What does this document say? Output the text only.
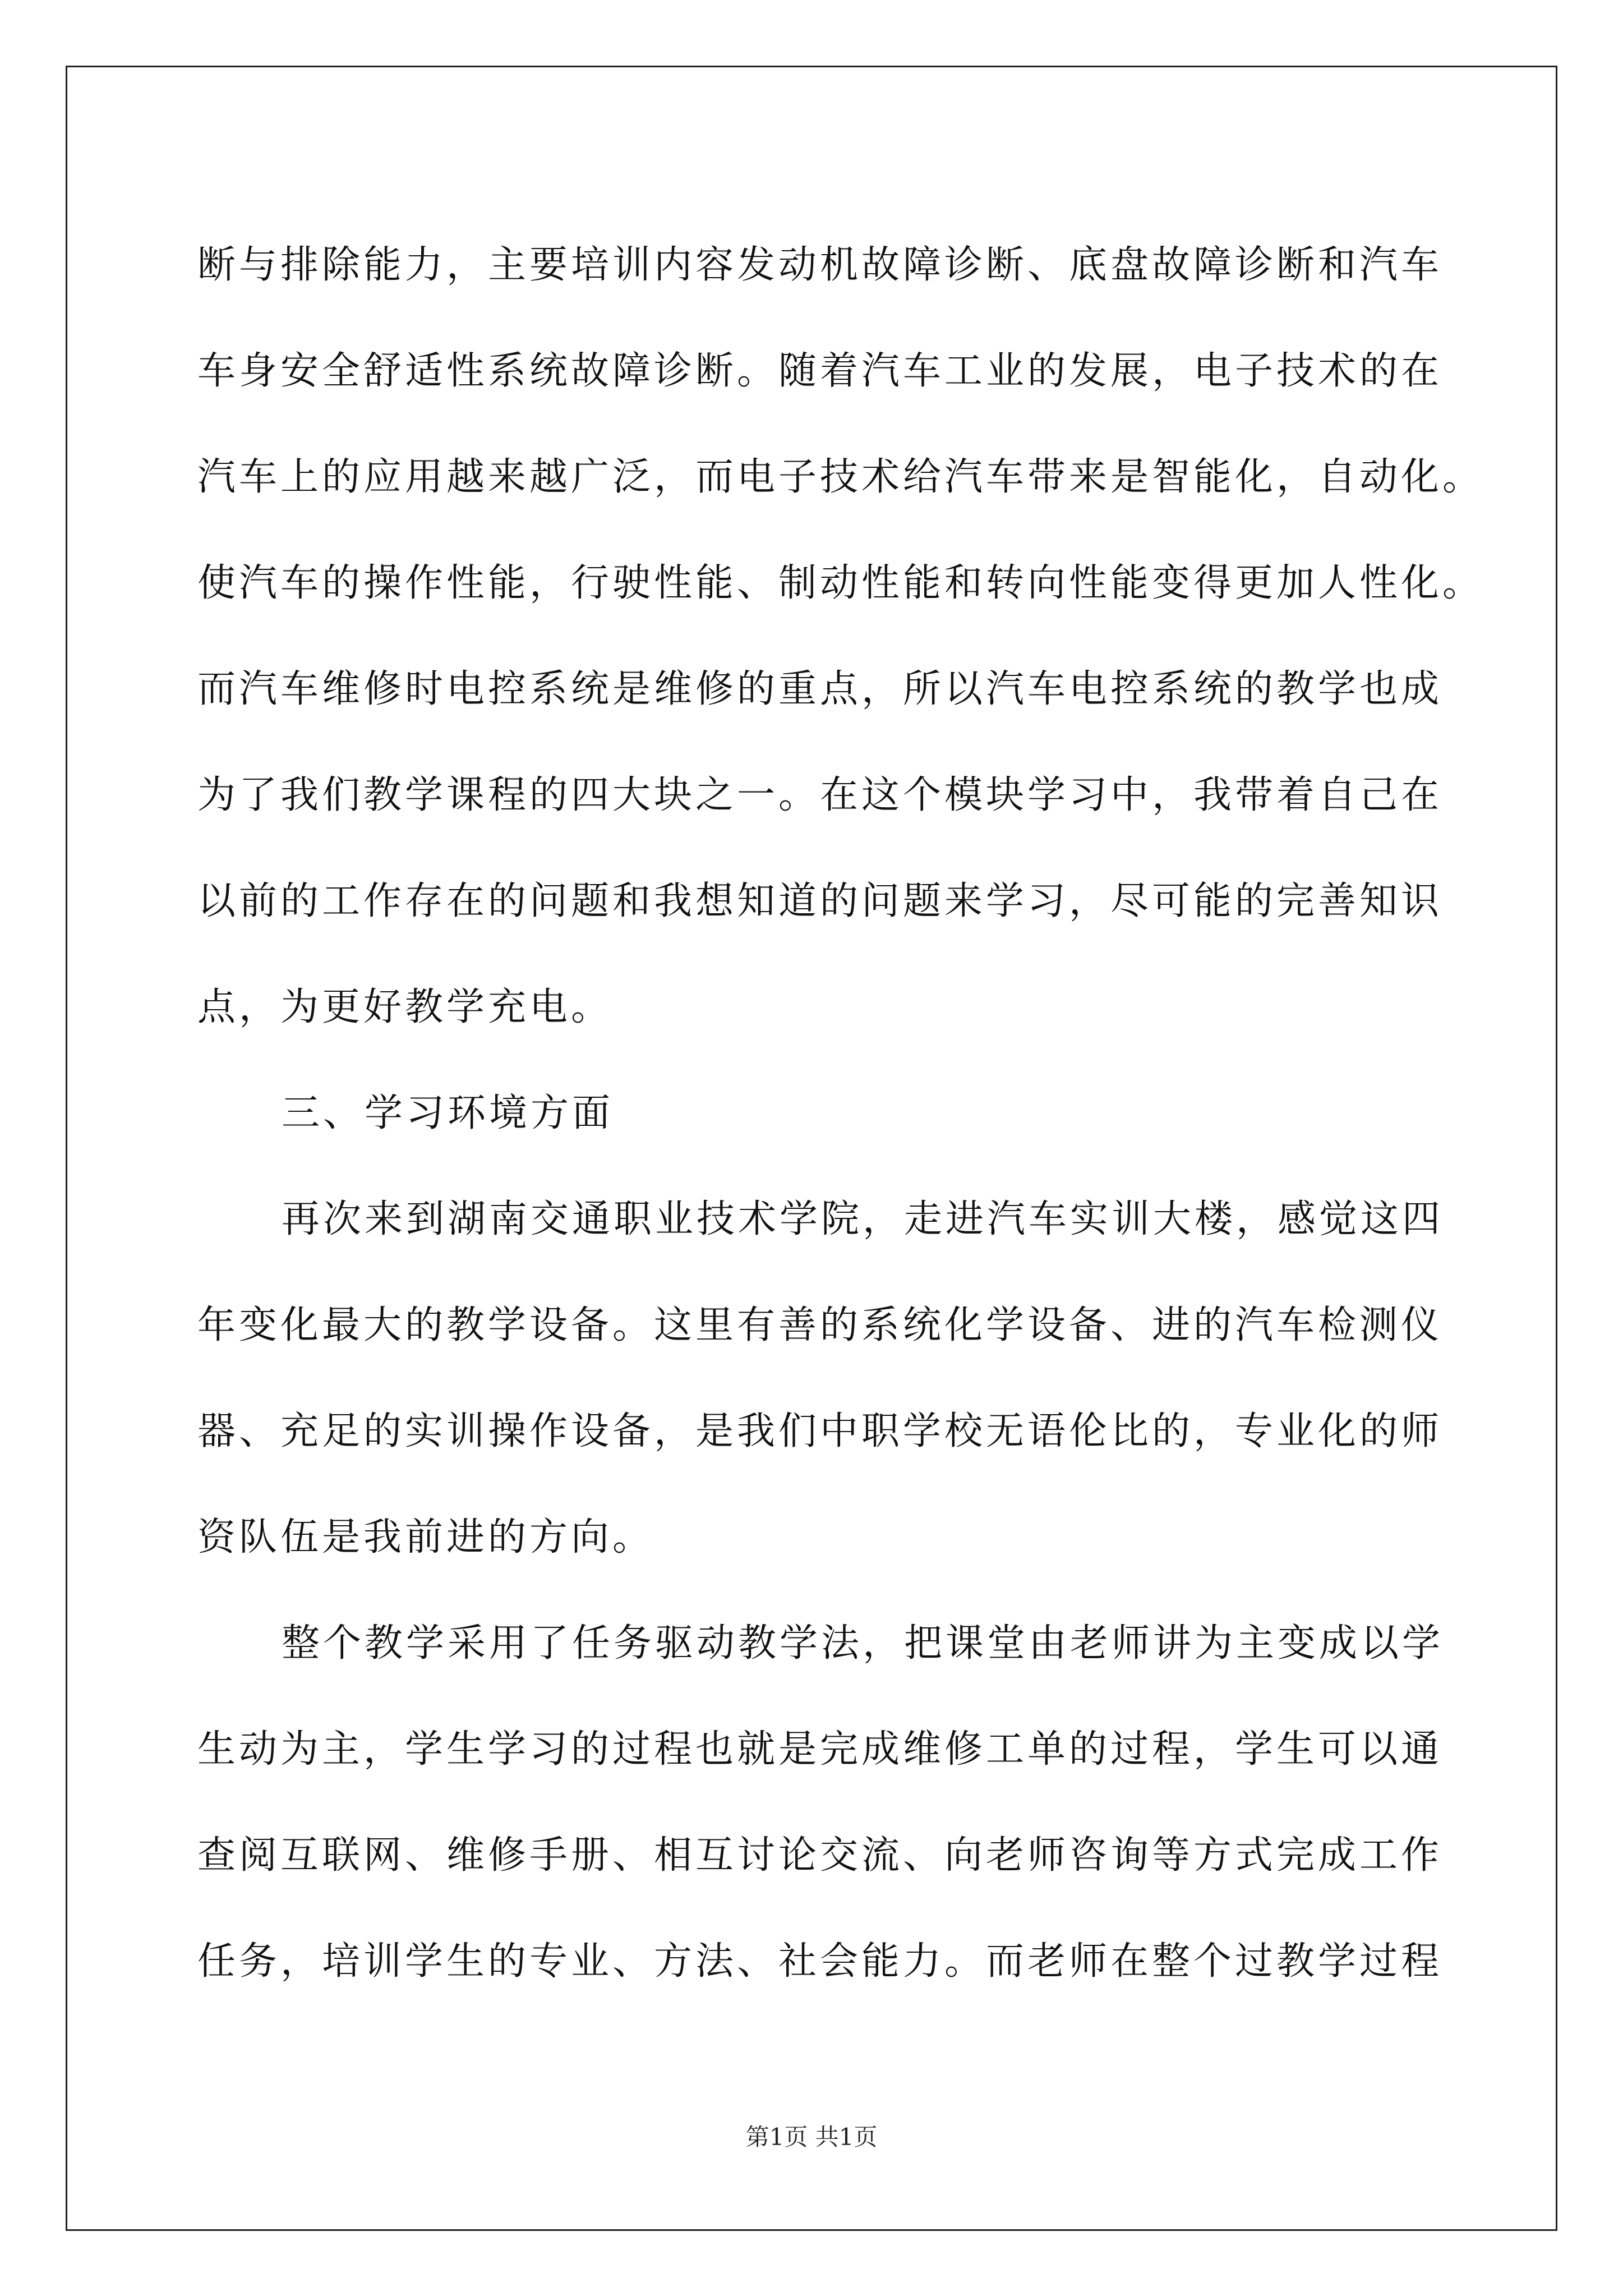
断与排除能力，主要培训内容发动机故障诊断、底盘故障诊断和汽车
车身安全舒适性系统故障诊断。随着汽车工业的发展，电子技术的在
汽车上的应用越来越广泛，而电子技术给汽车带来是智能化，自动化。
使汽车的操作性能，行驶性能、制动性能和转向性能变得更加人性化。
而汽车维修时电控系统是维修的重点，所以汽车电控系统的教学也成
为了我们教学课程的四大块之一。在这个模块学习中，我带着自己在
以前的工作存在的问题和我想知道的问题来学习，尽可能的完善知识
点，为更好教学充电。
三、学习环境方面
再次来到湖南交通职业技术学院，走进汽车实训大楼，感觉这四
年变化最大的教学设备。这里有善的系统化学设备、进的汽车检测仪
器、充足的实训操作设备，是我们中职学校无语伦比的，专业化的师
资队伍是我前进的方向。
整个教学采用了任务驱动教学法，把课堂由老师讲为主变成以学
生动为主，学生学习的过程也就是完成维修工单的过程，学生可以通
查阅互联网、维修手册、相互讨论交流、向老师咨询等方式完成工作
任务，培训学生的专业、方法、社会能力。而老师在整个过教学过程
第1页 共1页
